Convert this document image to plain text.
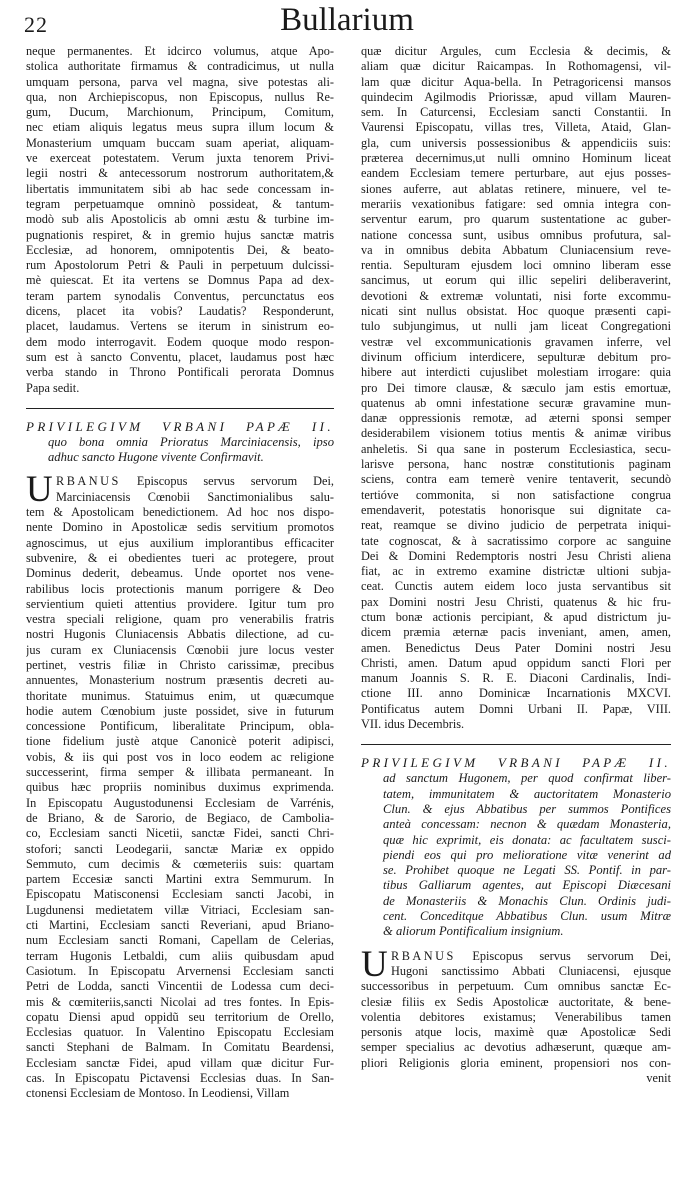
22	Bullarium
neque permanentes. Et idcirco volumus, atque Apo-
stolica authoritate firmamus & contradicimus, ut nulla
umquam persona, parva vel magna, sive potestas ali-
qua, non Archiepiscopus, non Episcopus, nullus Re-
gum, Ducum, Marchionum, Principum, Comitum,
nec etiam aliquis legatus meus supra illum locum &
Monasterium umquam buccam suam aperiat, aliquam-
ve exerceat potestatem. Verum juxta tenorem Privi-
legii nostri & antecessorum nostrorum authoritatem,&
libertatis immunitatem sibi ab hac sede concessam in-
tegram perpetuamque omninò possideat, & tantum-
modò sub alis Apostolicis ab omni æstu & turbine im-
pugnationis respiret, & in gremio hujus sanctæ matris
Ecclesiæ, ad honorem, omnipotentis Dei, & beato-
rum Apostolorum Petri & Pauli in perpetuum dulcissi-
mè quiescat. Et ita vertens se Domnus Papa ad dex-
teram partem synodalis Conventus, percunctatus eos
dicens, placet ita vobis? Laudatis? Responderunt,
placet, laudamus. Vertens se iterum in sinistrum eo-
dem modo interrogavit. Eodem quoque modo respon-
sum est à sancto Conventu, placet, laudamus post hæc
verba stando in Throno Pontificali perorata Domnus
Papa sedit.
PRIVILEGIVM VRBANI PAPÆ II.
quo bona omnia Prioratus Marciniacensis, ipso
adhuc sancto Hugone vivente Confirmavit.
U RBANUS Episcopus servus servorum Dei,
Marciniacensis Cœnobii Sanctimonialibus salu-
tem & Apostolicam benedictionem. Ad hoc nos dispo-
nente Domino in Apostolicæ sedis servitium promotos
agnoscimus, ut ejus auxilium implorantibus efficaciter
subvenire, & ei obedientes tueri ac protegere, prout
Dominus dederit, debeamus. Unde oportet nos vene-
rabilibus locis protectionis manum porrigere & Deo
servientium quieti attentius providere. Igitur tum pro
vestra speciali religione, quam pro venerabilis fratris
nostri Hugonis Cluniacensis Abbatis dilectione, ad cu-
jus curam ex Cluniacensis Cœnobii jure locus vester
pertinet, vestris filiæ in Christo carissimæ, precibus
annuentes, Monasterium nostrum præsentis decreti au-
thoritate munimus. Statuimus enim, ut quæcumque
hodie autem Cœnobium juste possidet, sive in futurum
concessione Pontificum, liberalitate Principum, obla-
tione fidelium justè atque Canonicè poterit adipisci,
vobis, & iis qui post vos in loco eodem ac religione
successerint, firma semper & illibata permaneant. In
quibus hæc propriis nominibus duximus exprimenda.
In Episcopatu Augustodunensi Ecclesiam de Varrénis,
de Briano, & de Sarorio, de Begiaco, de Cambolia-
co, Ecclesiam sancti Nicetii, sanctæ Fidei, sancti Chri-
stofori; sancti Leodegarii, sanctæ Mariæ ex oppido
Semmuto, cum decimis & cœmeteriis suis: quartam
partem Eccesiæ sancti Martini extra Semmurum. In
Episcopatu Matisconensi Ecclesiam sancti Jacobi, in
Lugdunensi medietatem villæ Vitriaci, Ecclesiam san-
cti Martini, Ecclesiam sancti Reveriani, apud Briano-
num Ecclesiam sancti Romani, Capellam de Celerias,
terram Hugonis Letbaldi, cum aliis quibusdam apud
Casiotum. In Episcopatu Arvernensi Ecclesiam sancti
Petri de Lodda, sancti Vincentii de Lodessa cum deci-
mis & cœmiteriis,sancti Nicolai ad tres fontes. In Epis-
copatu Diensi apud oppidũ seu territorium de Orello,
Ecclesias quatuor. In Valentino Episcopatu Ecclesiam
sancti Stephani de Balmam. In Comitatu Beardensi,
Ecclesiam sanctæ Fidei, apud villam quæ dicitur Fur-
cas. In Episcopatu Pictavensi Ecclesias duas. In San-
ctonensi Ecclesiam de Montoso. In Leodiensi, Villam
quæ dicitur Argules, cum Ecclesia & decimis, &
aliam quæ dicitur Raicampas. In Rothomagensi, vil-
lam quæ dicitur Aqua-bella. In Petragoricensi mansos
quindecim Agilmodis Priorissæ, apud villam Mauren-
sem. In Caturcensi, Ecclesiam sancti Constantii. In
Vaurensi Episcopatu, villas tres, Villeta, Ataid, Glan-
gla, cum universis possessionibus & appendiciis suis:
præterea decernimus,ut nulli omnino Hominum liceat
eandem Ecclesiam temere perturbare, aut ejus posses-
siones auferre, aut ablatas retinere, minuere, vel te-
merariis vexationibus fatigare: sed omnia integra con-
serventur earum, pro quarum sustentatione ac guber-
natione concessa sunt, usibus omnibus profutura, sal-
va in omnibus debita Abbatum Cluniacensium reve-
rentia. Sepulturam ejusdem loci omnino liberam esse
sancimus, ut eorum qui illic sepeliri deliberaverint,
devotioni & extremæ voluntati, nisi forte excommu-
nicati sint nullus obsistat. Hoc quoque præsenti capi-
tulo subjungimus, ut nulli jam liceat Congregationi
vestræ vel excommunicationis gravamen inferre, vel
divinum officium interdicere, sepulturæ debitum pro-
hibere aut interdicti cujuslibet molestiam irrogare: quia
pro Dei timore clausæ, & sæculo jam estis emortuæ,
quatenus ab omni infestatione securæ gravamine mun-
danæ oppressionis remotæ, ad æterni sponsi semper
desiderabilem visionem totius mentis & animæ viribus
anheletis. Si qua sane in posterum Ecclesiastica, secu-
larisve persona, hanc nostræ constitutionis paginam
sciens, contra eam temerè venire tentaverit, secundò
tertióve commonita, si non satisfactione congrua
emendaverit, potestatis honorisque sui dignitate ca-
reat, reamque se divino judicio de perpetrata iniqui-
tate cognoscat, & à sacratissimo corpore ac sanguine
Dei & Domini Redemptoris nostri Jesu Christi aliena
fiat, ac in extremo examine districtæ ultioni subja-
ceat. Cunctis autem eidem loco justa servantibus sit
pax Domini nostri Jesu Christi, quatenus & hic fru-
ctum bonæ actionis percipiant, & apud districtum ju-
dicem præmia æternæ pacis inveniant, amen, amen,
amen. Benedictus Deus Pater Domini nostri Jesu
Christi, amen. Datum apud oppidum sancti Flori per
manum Joannis S. R. E. Diaconi Cardinalis, Indi-
ctione III. anno Dominicæ Incarnationis MXCVI.
Pontificatus autem Domni Urbani II. Papæ, VIII.
VII. idus Decembris.
PRIVILEGIVM VRBANI PAPÆ II.
ad sanctum Hugonem, per quod confirmat liber-
tatem, immunitatem & auctoritatem Monasterio
Clun. & ejus Abbatibus per summos Pontifices
anteà concessam: necnon & quædam Monasteria,
quæ hic exprimit, eis donata: ac facultatem susci-
piendi eos qui pro melioratione vitæ venerint ad
se. Prohibet quoque ne Legati SS. Pontif. in par-
tibus Galliarum agentes, aut Episcopi Diæcesani
de Monasteriis & Monachis Clun. Ordinis judi-
cent. Conceditque Abbatibus Clun. usum Mitræ
& aliorum Pontificalium insignium.
U RBANUS Episcopus servus servorum Dei,
Hugoni sanctissimo Abbati Cluniacensi, ejusque
successoribus in perpetuum. Cum omnibus sanctæ Ec-
clesiæ filiis ex Sedis Apostolicæ auctoritate, & bene-
volentia debitores existamus; Venerabilibus tamen
personis atque locis, maximè quæ Apostolicæ Sedi
semper specialius ac devotius adhæserunt, quæque am-
pliori Religionis gloria eminent, propensiori nos con-
venit
